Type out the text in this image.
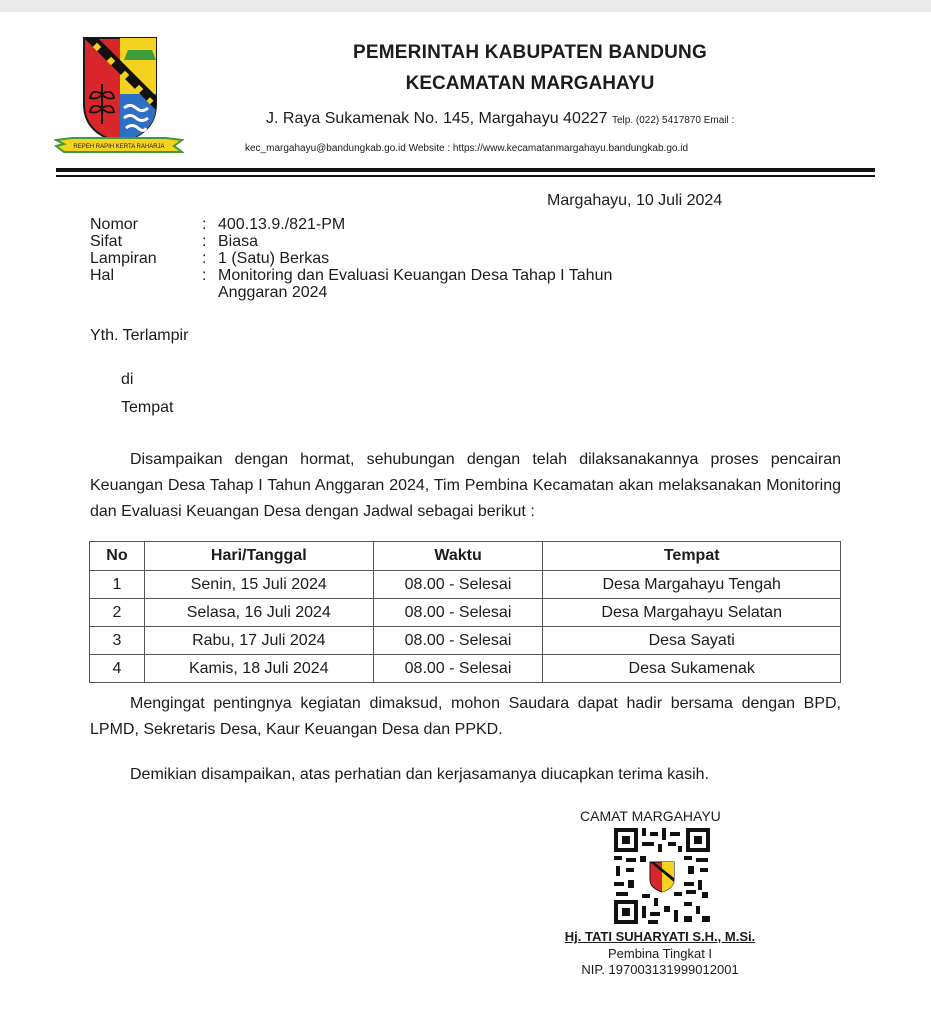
REPEH RAPIH KERTA RAHARJA
PEMERINTAH KABUPATEN BANDUNG
KECAMATAN MARGAHAYU
J. Raya Sukamenak No. 145, Margahayu 40227 Telp. (022) 5417870 Email :
kec_margahayu@bandungkab.go.id Website : https://www.kecamatanmargahayu.bandungkab.go.id
Margahayu, 10 Juli 2024
Nomor	: 400.13.9./821-PM
Sifat	: Biasa
Lampiran	: 1 (Satu) Berkas
Hal	: Monitoring dan Evaluasi Keuangan Desa Tahap I Tahun Anggaran 2024
Yth. Terlampir
di
Tempat
Disampaikan dengan hormat, sehubungan dengan telah dilaksanakannya proses pencairan Keuangan Desa Tahap I Tahun Anggaran 2024, Tim Pembina Kecamatan akan melaksanakan Monitoring dan Evaluasi Keuangan Desa dengan Jadwal sebagai berikut :
No	Hari/Tanggal	Waktu	Tempat
1	Senin, 15 Juli 2024	08.00 - Selesai	Desa Margahayu Tengah
2	Selasa, 16 Juli 2024	08.00 - Selesai	Desa Margahayu Selatan
3	Rabu, 17 Juli 2024	08.00 - Selesai	Desa Sayati
4	Kamis, 18 Juli 2024	08.00 - Selesai	Desa Sukamenak
Mengingat pentingnya kegiatan dimaksud, mohon Saudara dapat hadir bersama dengan BPD, LPMD, Sekretaris Desa, Kaur Keuangan Desa dan PPKD.
Demikian disampaikan, atas perhatian dan kerjasamanya diucapkan terima kasih.
CAMAT MARGAHAYU
Hj. TATI SUHARYATI S.H., M.Si.
Pembina Tingkat I
NIP. 197003131999012001
